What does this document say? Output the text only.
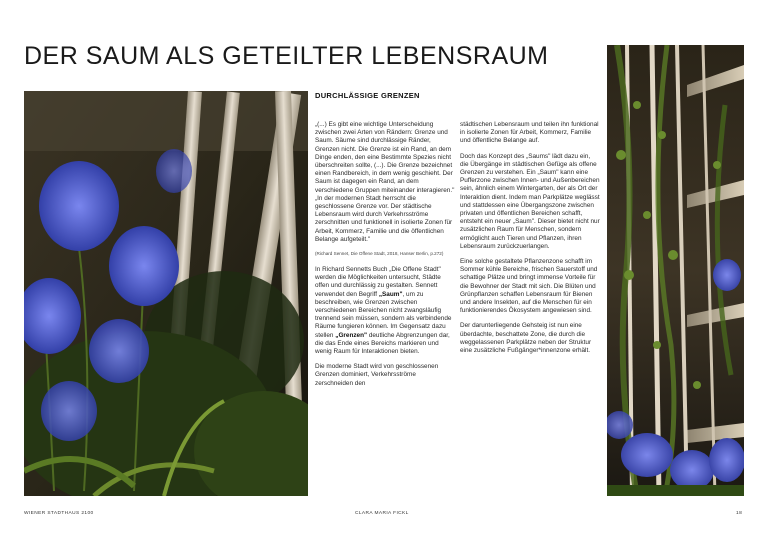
DER SAUM ALS GETEILTER LEBENSRAUM
DURCHLÄSSIGE GRENZEN

„(...) Es gibt eine wichtige Unterscheidung zwischen zwei Arten von Rändern: Grenze und Saum. Säume sind durchlässige Ränder, Grenzen nicht. Die Grenze ist ein Rand, an dem Dinge enden, den eine Bestimmte Spezies nicht überschreiten sollte, (...). Die Grenze bezeichnet einen Randbereich, in dem wenig geschieht. Der Saum ist dagegen ein Rand, an dem verschiedene Gruppen miteinander interagieren." „In der modernen Stadt herrscht die geschlossene Grenze vor. Der städtische Lebensraum wird durch Verkehrsströme zerschnitten und funktionell in isolierte Zonen für Arbeit, Kommerz, Familie und die öffentlichen Belange aufgeteilt."

(Richard Sennet, Die Offene Stadt, 2018, Hanser Berlin, p.272)

In Richard Sennetts Buch „Die Offene Stadt" werden die Möglichkeiten untersucht, Städte offen und durchlässig zu gestalten. Sennett verwendet den Begriff „Saum", um zu beschreiben, wie Grenzen zwischen verschiedenen Bereichen nicht zwangsläufig trennend sein müssen, sondern als verbindende Räume fungieren können. Im Gegensatz dazu stellen „Grenzen" deutliche Abgrenzungen dar, die das Ende eines Bereichs markieren und wenig Raum für Interaktionen bieten.

Die moderne Stadt wird von geschlossenen Grenzen dominiert, Verkehrsströme zerschneiden den

städtischen Lebensraum und teilen ihn funktional in isolierte Zonen für Arbeit, Kommerz, Familie und öffentliche Belange auf.

Doch das Konzept des „Saums" lädt dazu ein, die Übergänge im städtischen Gefüge als offene Grenzen zu verstehen. Ein „Saum" kann eine Pufferzone zwischen Innen- und Außenbereichen sein, ähnlich einem Wintergarten, der als Ort der Interaktion dient. Indem man Parkplätze weglässt und stattdessen eine Übergangszone zwischen privaten und öffentlichen Bereichen schafft, entsteht ein neuer „Saum". Dieser bietet nicht nur zusätzlichen Raum für Menschen, sondern ermöglicht auch Tieren und Pflanzen, ihren Lebensraum zurückzuerlangen.

Eine solche gestaltete Pflanzenzone schafft im Sommer kühle Bereiche, frischen Sauerstoff und schattige Plätze und bringt immense Vorteile für die Bewohner der Stadt mit sich. Die Blüten und Grünpflanzen schaffen Lebensraum für Bienen und andere Insekten, auf die Menschen für ein funktionierendes Ökosystem angewiesen sind.

Der darunterliegende Gehsteig ist nun eine überdachte, beschattete Zone, die durch die weggelassenen Parkplätze neben der Struktur eine zusätzliche Fußgänger*innenzone erhält.

WIENER STADTHAUS 2100	CLARA MARIA FICKL	18
